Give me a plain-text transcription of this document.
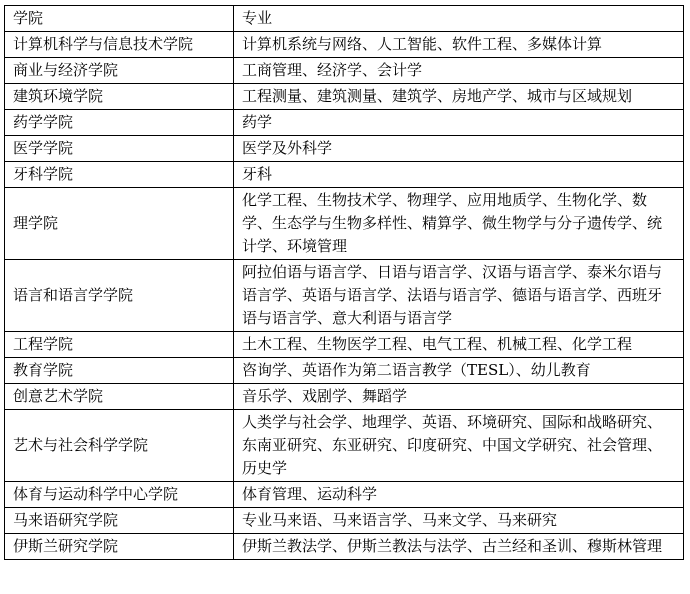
学院	专业
计算机科学与信息技术学院	计算机系统与网络、人工智能、软件工程、多媒体计算
商业与经济学院	工商管理、经济学、会计学
建筑环境学院	工程测量、建筑测量、建筑学、房地产学、城市与区域规划
药学学院	药学
医学学院	医学及外科学
牙科学院	牙科
理学院	化学工程、生物技术学、物理学、应用地质学、生物化学、数学、生态学与生物多样性、精算学、微生物学与分子遗传学、统计学、环境管理
语言和语言学学院	阿拉伯语与语言学、日语与语言学、汉语与语言学、泰米尔语与语言学、英语与语言学、法语与语言学、德语与语言学、西班牙语与语言学、意大利语与语言学
工程学院	土木工程、生物医学工程、电气工程、机械工程、化学工程
教育学院	咨询学、英语作为第二语言教学（TESL）、幼儿教育
创意艺术学院	音乐学、戏剧学、舞蹈学
艺术与社会科学学院	人类学与社会学、地理学、英语、环境研究、国际和战略研究、东南亚研究、东亚研究、印度研究、中国文学研究、社会管理、历史学
体育与运动科学中心学院	体育管理、运动科学
马来语研究学院	专业马来语、马来语言学、马来文学、马来研究
伊斯兰研究学院	伊斯兰教法学、伊斯兰教法与法学、古兰经和圣训、穆斯林管理
